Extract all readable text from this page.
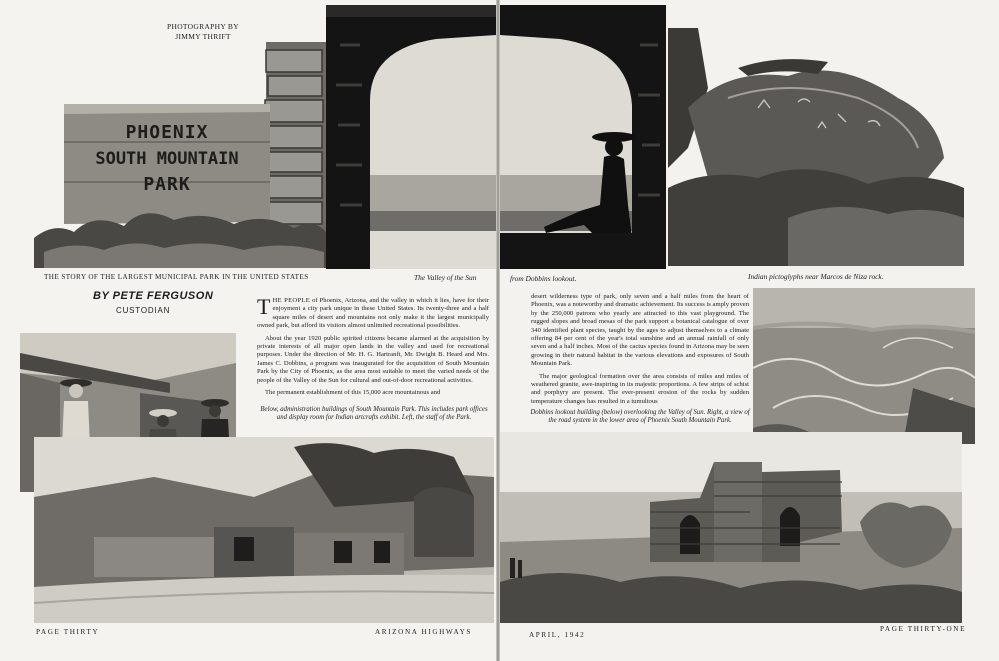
PHOTOGRAPHY BY
JIMMY THRIFT
PHOENIX
SOUTH MOUNTAIN
PARK
THE STORY OF THE LARGEST MUNICIPAL PARK IN THE UNITED STATES	The Valley of the Sun	from Dobbins lookout.	Indian pictoglyphs near Marcos de Niza rock.
BY PETE FERGUSON
CUSTODIAN	THE PEOPLE of Phoenix, Arizona, and the valley in which it lies, have for their enjoyment a city park unique in these United States. Its twenty-three and a half square miles of desert and mountains not only make it the largest municipally owned park, but afford its visitors almost unlimited recreational possibilities.

About the year 1920 public spirited citizens became alarmed at the acquisition by private interests of all major open lands in the valley and used for recreational purposes. Under the direction of Mr. H. G. Hartranft, Mr. Dwight B. Heard and Mrs. James C. Dobbins, a program was inaugurated for the acquisition of South Mountain Park by the City of Phoenix, as the area most suitable to meet the varied needs of the people of the Valley of the Sun for cultural and out-of-door recreational activities.

The permanent establishment of this 15,000 acre mountainous and

Below, administration buildings of South Mountain Park. This includes park offices and display room for Indian artcrafts exhibit. Left, the staff of the Park.

desert wilderness type of park, only seven and a half miles from the heart of Phoenix, was a noteworthy and dramatic achievement. Its success is amply proven by the 250,000 patrons who yearly are attracted to this vast playground. The rugged slopes and broad mesas of the park support a botanical catalogue of over 340 identified plant species, taught by the ages to adjust themselves to a climate offering 84 per cent of the year's total sunshine and an annual rainfall of only seven and a half inches. Most of the cactus species found in Arizona may be seen growing in their natural habitat in the various elevations and exposures of South Mountain Park.

The major geological formation over the area consists of miles and miles of weathered granite, awe-inspiring in its majestic proportions. A few strips of schist and porphyry are present. The ever-present erosion of the rocks by sudden temperature changes has resulted in a tumultous

Dobbins lookout building (below) overlooking the Valley of Sun. Right, a view of the road system in the lower area of Phoenix South Mountain Park.
PAGE THIRTY	ARIZONA HIGHWAYS	APRIL, 1942
PAGE THIRTY-ONE
